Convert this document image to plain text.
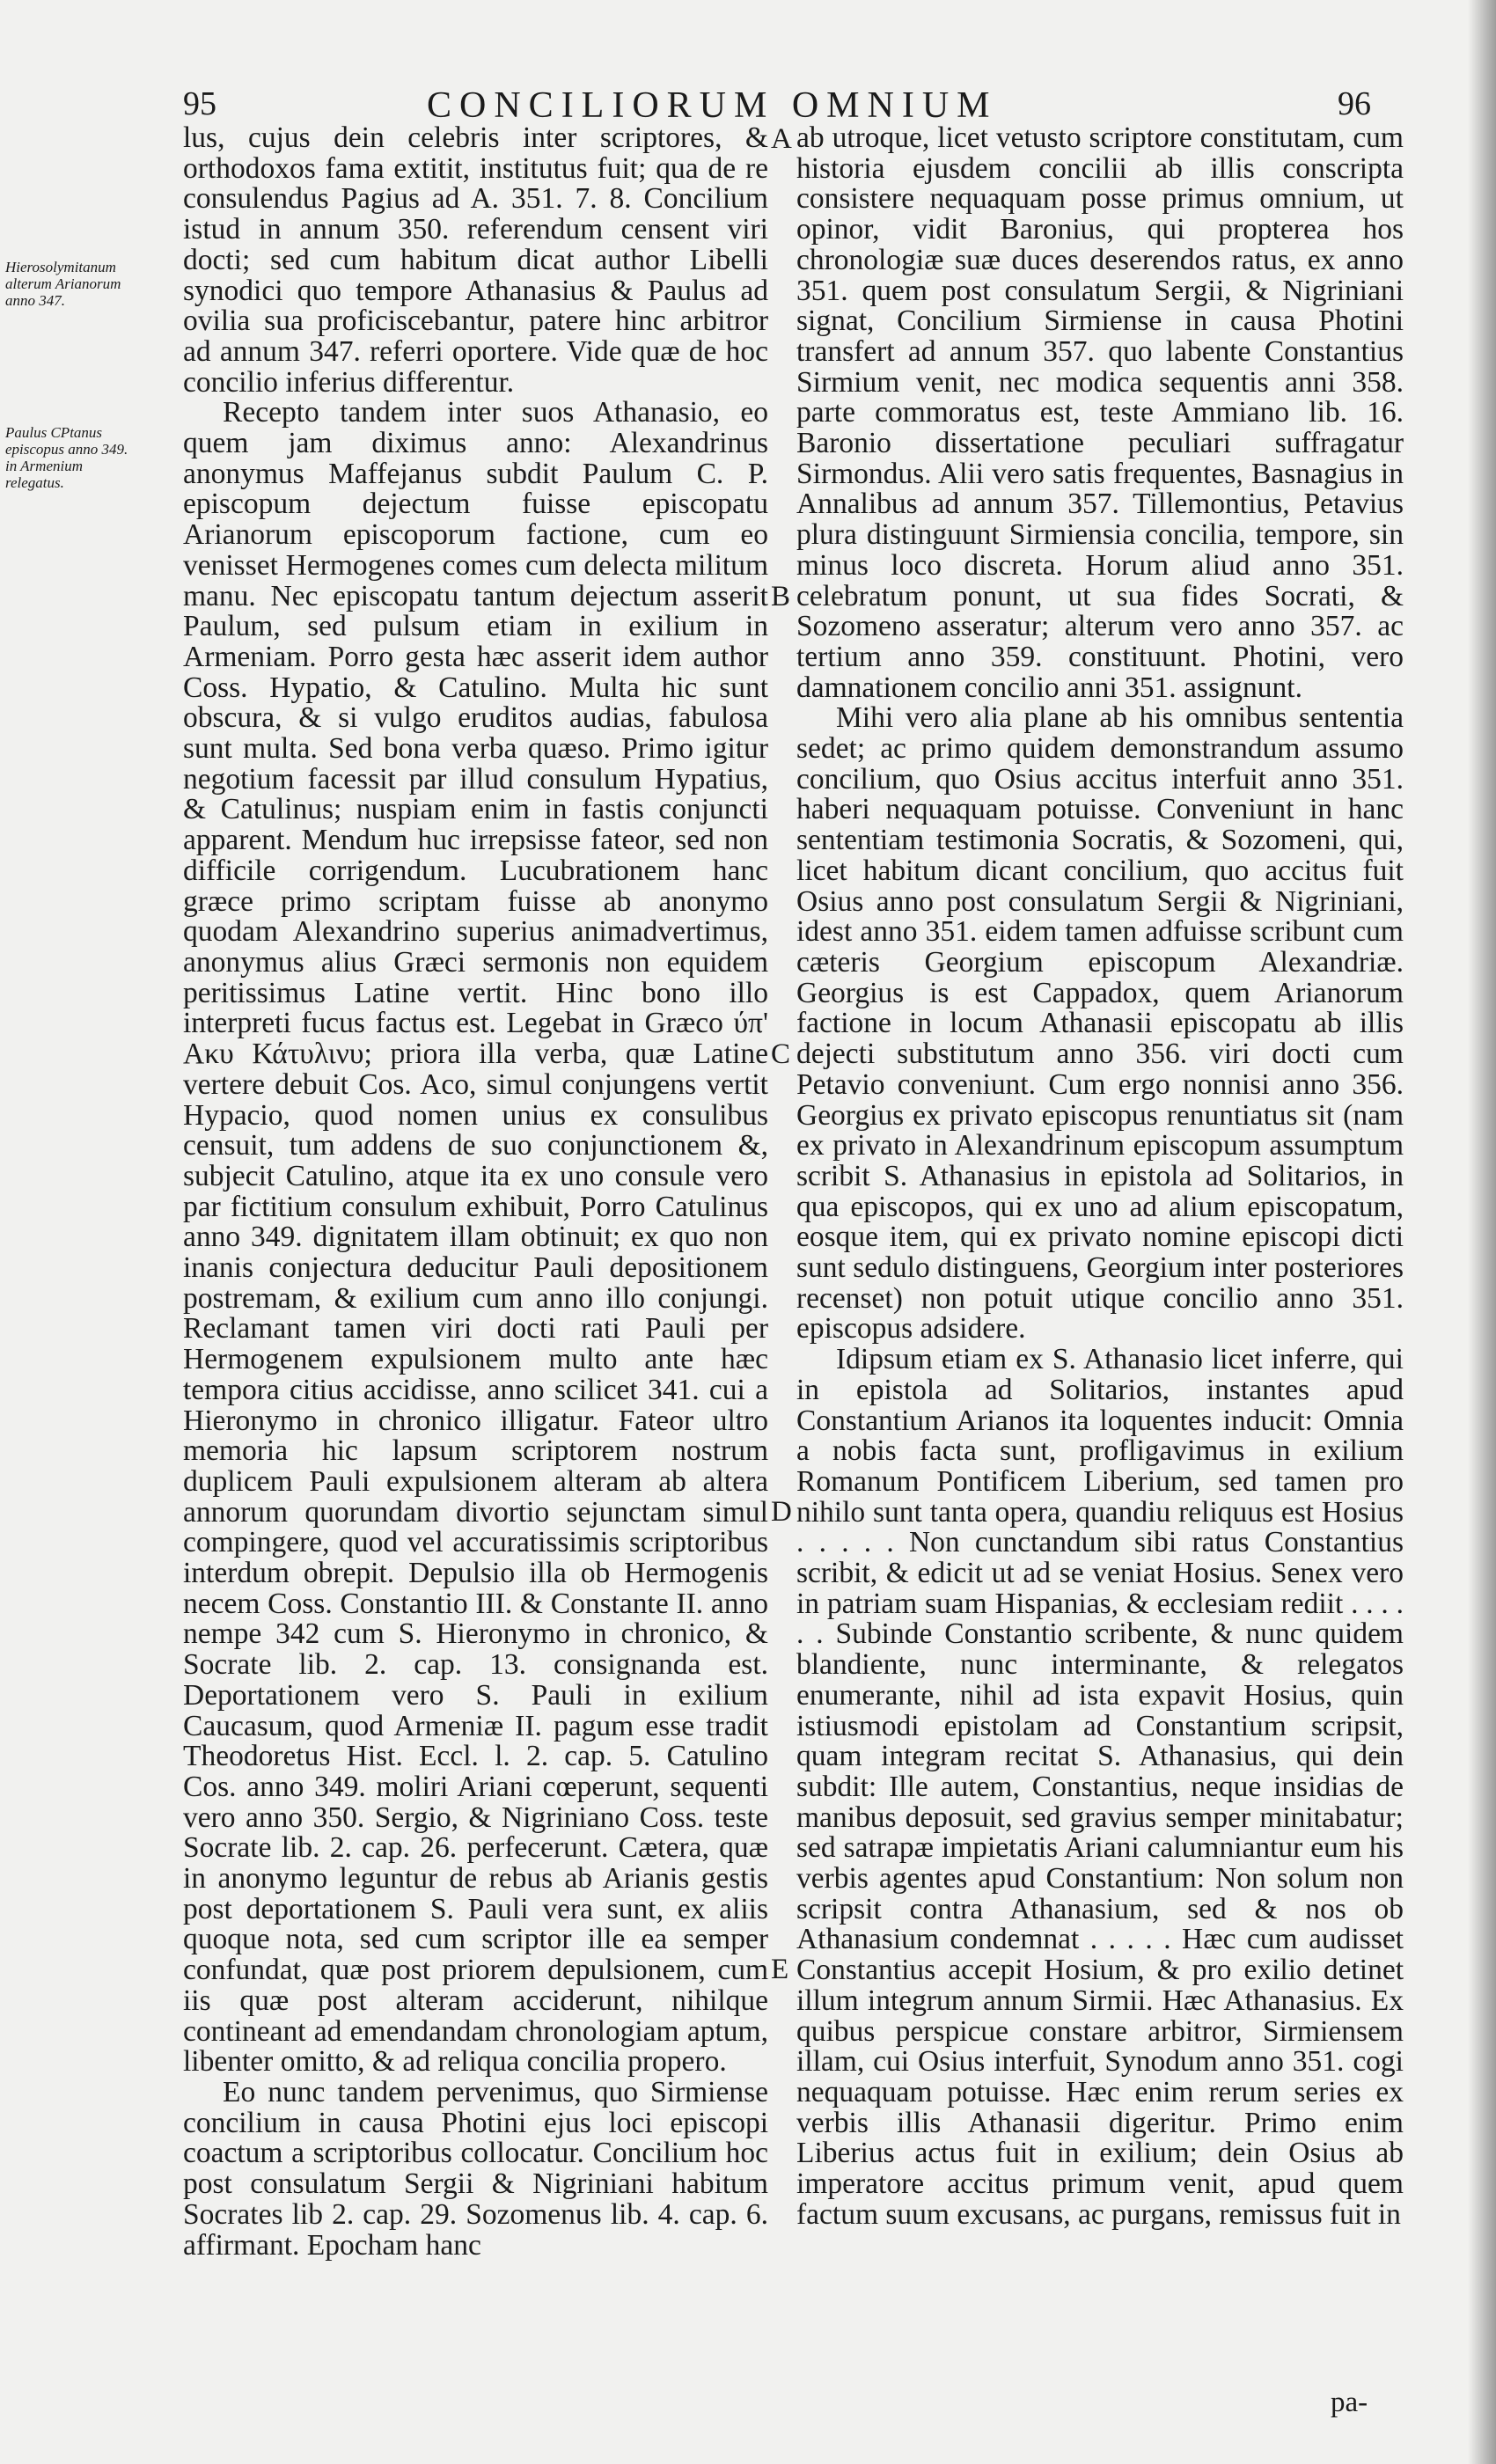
95	CONCILIORUM OMNIUM	96
Hierosolymitanum alterum Arianorum anno 347.
Paulus CPtanus episcopus anno 349. in Armenium relegatus.

lus, cujus dein celebris inter scriptores, & orthodoxos fama extitit, institutus fuit; qua de re consulendus Pagius ad A. 351. 7. 8. Concilium istud in annum 350. referendum censent viri docti; sed cum habitum dicat author Libelli synodici quo tempore Athanasius & Paulus ad ovilia sua proficiscebantur, patere hinc arbitror ad annum 347. referri oportere. Vide quæ de hoc concilio inferius differentur.

Recepto tandem inter suos Athanasio, eo quem jam diximus anno: Alexandrinus anonymus Maffejanus subdit Paulum C. P. episcopum dejectum fuisse episcopatu Arianorum episcoporum factione, cum eo venisset Hermogenes comes cum delecta militum manu. Nec episcopatu tantum dejectum asserit Paulum, sed pulsum etiam in exilium in Armeniam. Porro gesta hæc asserit idem author Coss. Hypatio, & Catulino. Multa hic sunt obscura, & si vulgo eruditos audias, fabulosa sunt multa. Sed bona verba quæso. Primo igitur negotium facessit par illud consulum Hypatius, & Catulinus; nuspiam enim in fastis conjuncti apparent. Mendum huc irrepsisse fateor, sed non difficile corrigendum. Lucubrationem hanc græce primo scriptam fuisse ab anonymo quodam Alexandrino superius animadvertimus, anonymus alius Græci sermonis non equidem peritissimus Latine vertit. Hinc bono illo interpreti fucus factus est. Legebat in Græco ύπ' Ακυ Κάτυλινυ; priora illa verba, quæ Latine vertere debuit Cos. Aco, simul conjungens vertit Hypacio, quod nomen unius ex consulibus censuit, tum addens de suo conjunctionem &, subjecit Catulino, atque ita ex uno consule vero par fictitium consulum exhibuit, Porro Catulinus anno 349. dignitatem illam obtinuit; ex quo non inanis conjectura deducitur Pauli depositionem postremam, & exilium cum anno illo conjungi. Reclamant tamen viri docti rati Pauli per Hermogenem expulsionem multo ante hæc tempora citius accidisse, anno scilicet 341. cui a Hieronymo in chronico illigatur. Fateor ultro memoria hic lapsum scriptorem nostrum duplicem Pauli expulsionem alteram ab altera annorum quorundam divortio sejunctam simul compingere, quod vel accuratissimis scriptoribus interdum obrepit. Depulsio illa ob Hermogenis necem Coss. Constantio III. & Constante II. anno nempe 342 cum S. Hieronymo in chronico, & Socrate lib. 2. cap. 13. consignanda est. Deportationem vero S. Pauli in exilium Caucasum, quod Armeniæ II. pagum esse tradit Theodoretus Hist. Eccl. l. 2. cap. 5. Catulino Cos. anno 349. moliri Ariani cœperunt, sequenti vero anno 350. Sergio, & Nigriniano Coss. teste Socrate lib. 2. cap. 26. perfecerunt. Cætera, quæ in anonymo leguntur de rebus ab Arianis gestis post deportationem S. Pauli vera sunt, ex aliis quoque nota, sed cum scriptor ille ea semper confundat, quæ post priorem depulsionem, cum iis quæ post alteram acciderunt, nihilque contineant ad emendandam chronologiam aptum, libenter omitto, & ad reliqua concilia propero.

Eo nunc tandem pervenimus, quo Sirmiense concilium in causa Photini ejus loci episcopi coactum a scriptoribus collocatur. Concilium hoc post consulatum Sergii & Nigriniani habitum Socrates lib 2. cap. 29. Sozomenus lib. 4. cap. 6. affirmant. Epocham hanc

A
B
C
D
E

ab utroque, licet vetusto scriptore constitutam, cum historia ejusdem concilii ab illis conscripta consistere nequaquam posse primus omnium, ut opinor, vidit Baronius, qui propterea hos chronologiæ suæ duces deserendos ratus, ex anno 351. quem post consulatum Sergii, & Nigriniani signat, Concilium Sirmiense in causa Photini transfert ad annum 357. quo labente Constantius Sirmium venit, nec modica sequentis anni 358. parte commoratus est, teste Ammiano lib. 16. Baronio dissertatione peculiari suffragatur Sirmondus. Alii vero satis frequentes, Basnagius in Annalibus ad annum 357. Tillemontius, Petavius plura distinguunt Sirmiensia concilia, tempore, sin minus loco discreta. Horum aliud anno 351. celebratum ponunt, ut sua fides Socrati, & Sozomeno asseratur; alterum vero anno 357. ac tertium anno 359. constituunt. Photini, vero damnationem concilio anni 351. assignunt.

Mihi vero alia plane ab his omnibus sententia sedet; ac primo quidem demonstrandum assumo concilium, quo Osius accitus interfuit anno 351. haberi nequaquam potuisse. Conveniunt in hanc sententiam testimonia Socratis, & Sozomeni, qui, licet habitum dicant concilium, quo accitus fuit Osius anno post consulatum Sergii & Nigriniani, idest anno 351. eidem tamen adfuisse scribunt cum cæteris Georgium episcopum Alexandriæ. Georgius is est Cappadox, quem Arianorum factione in locum Athanasii episcopatu ab illis dejecti substitutum anno 356. viri docti cum Petavio conveniunt. Cum ergo nonnisi anno 356. Georgius ex privato episcopus renuntiatus sit (nam ex privato in Alexandrinum episcopum assumptum scribit S. Athanasius in epistola ad Solitarios, in qua episcopos, qui ex uno ad alium episcopatum, eosque item, qui ex privato nomine episcopi dicti sunt sedulo distinguens, Georgium inter posteriores recenset) non potuit utique concilio anno 351. episcopus adsidere.

Idipsum etiam ex S. Athanasio licet inferre, qui in epistola ad Solitarios, instantes apud Constantium Arianos ita loquentes inducit: Omnia a nobis facta sunt, profligavimus in exilium Romanum Pontificem Liberium, sed tamen pro nihilo sunt tanta opera, quandiu reliquus est Hosius . . . . . Non cunctandum sibi ratus Constantius scribit, & edicit ut ad se veniat Hosius. Senex vero in patriam suam Hispanias, & ecclesiam rediit . . . . . . Subinde Constantio scribente, & nunc quidem blandiente, nunc interminante, & relegatos enumerante, nihil ad ista expavit Hosius, quin istiusmodi epistolam ad Constantium scripsit, quam integram recitat S. Athanasius, qui dein subdit: Ille autem, Constantius, neque insidias de manibus deposuit, sed gravius semper minitabatur; sed satrapæ impietatis Ariani calumniantur eum his verbis agentes apud Constantium: Non solum non scripsit contra Athanasium, sed & nos ob Athanasium condemnat . . . . . Hæc cum audisset Constantius accepit Hosium, & pro exilio detinet illum integrum annum Sirmii. Hæc Athanasius. Ex quibus perspicue constare arbitror, Sirmiensem illam, cui Osius interfuit, Synodum anno 351. cogi nequaquam potuisse. Hæc enim rerum series ex verbis illis Athanasii digeritur. Primo enim Liberius actus fuit in exilium; dein Osius ab imperatore accitus primum venit, apud quem factum suum excusans, ac purgans, remissus fuit in

pa-
